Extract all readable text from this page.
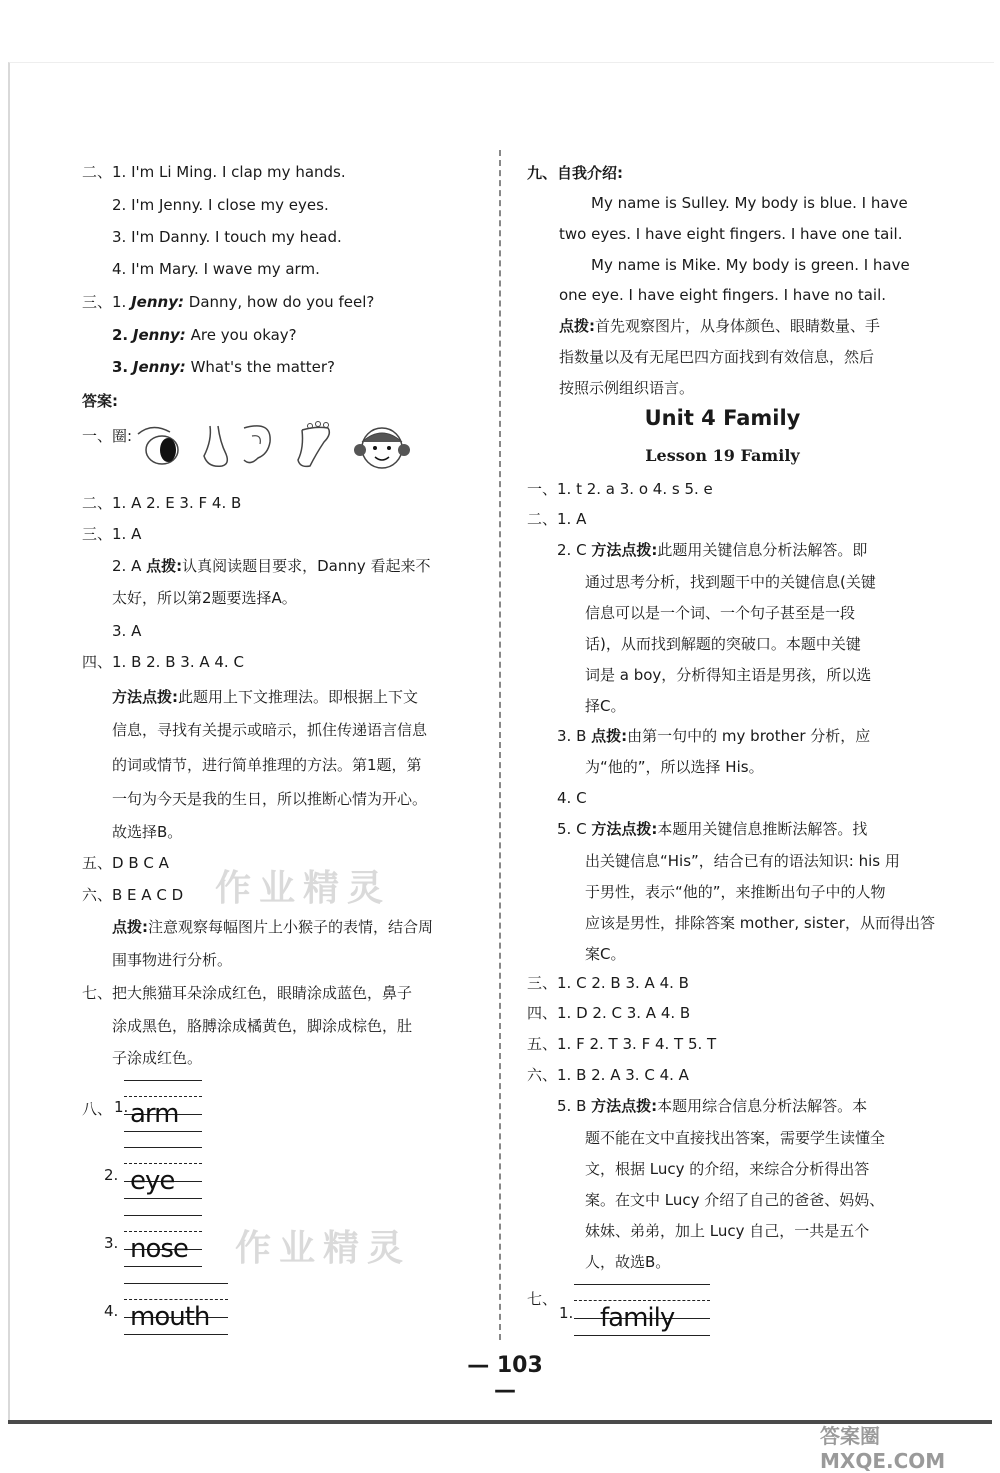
作业精灵
作业精灵
二、1. I'm Li Ming. I clap my hands.
2. I'm Jenny. I close my eyes.
3. I'm Danny. I touch my head.
4. I'm Mary. I wave my arm.
三、1. Jenny: Danny, how do you feel?
2. Jenny: Are you okay?
3. Jenny: What's the matter?
答案:
一、圈:
二、1. A 2. E 3. F 4. B
三、1. A
2. A 点拨:认真阅读题目要求，Danny 看起来不
太好，所以第2题要选择A。
3. A
四、1. B 2. B 3. A 4. C
方法点拨:此题用上下文推理法。即根据上下文
信息，寻找有关提示或暗示，抓住传递语言信息
的词或情节，进行简单推理的方法。第1题，第
一句为今天是我的生日，所以推断心情为开心。
故选择B。
五、D B C A
六、B E A C D
点拨:注意观察每幅图片上小猴子的表情，结合周
围事物进行分析。
七、把大熊猫耳朵涂成红色，眼睛涂成蓝色，鼻子
涂成黑色，胳膊涂成橘黄色，脚涂成棕色，肚
子涂成红色。
八、 1. arm
2. eye
3. nose
4. mouth
九、自我介绍:
My name is Sulley. My body is blue. I have
two eyes. I have eight fingers. I have one tail.
My name is Mike. My body is green. I have
one eye. I have eight fingers. I have no tail.
点拨:首先观察图片，从身体颜色、眼睛数量、手
指数量以及有无尾巴四方面找到有效信息，然后
按照示例组织语言。
Unit 4 Family
Lesson 19 Family
一、1. t 2. a 3. o 4. s 5. e
二、1. A
2. C 方法点拨:此题用关键信息分析法解答。即
通过思考分析，找到题干中的关键信息(关键
信息可以是一个词、一个句子甚至是一段
话)，从而找到解题的突破口。本题中关键
词是 a boy，分析得知主语是男孩，所以选
择C。
3. B 点拨:由第一句中的 my brother 分析，应
为“他的”，所以选择 His。
4. C
5. C 方法点拨:本题用关键信息推断法解答。找
出关键信息“His”，结合已有的语法知识: his 用
于男性，表示“他的”，来推断出句子中的人物
应该是男性，排除答案 mother, sister，从而得出答
案C。
三、1. C 2. B 3. A 4. B
四、1. D 2. C 3. A 4. B
五、1. F 2. T 3. F 4. T 5. T
六、1. B 2. A 3. C 4. A
5. B 方法点拨:本题用综合信息分析法解答。本
题不能在文中直接找出答案，需要学生读懂全
文，根据 Lucy 的介绍，来综合分析得出答
案。在文中 Lucy 介绍了自己的爸爸、妈妈、
妹妹、弟弟，加上 Lucy 自己，一共是五个
人，故选B。
七、
1. family
— 103 —
答案圈 MXQE.COM
